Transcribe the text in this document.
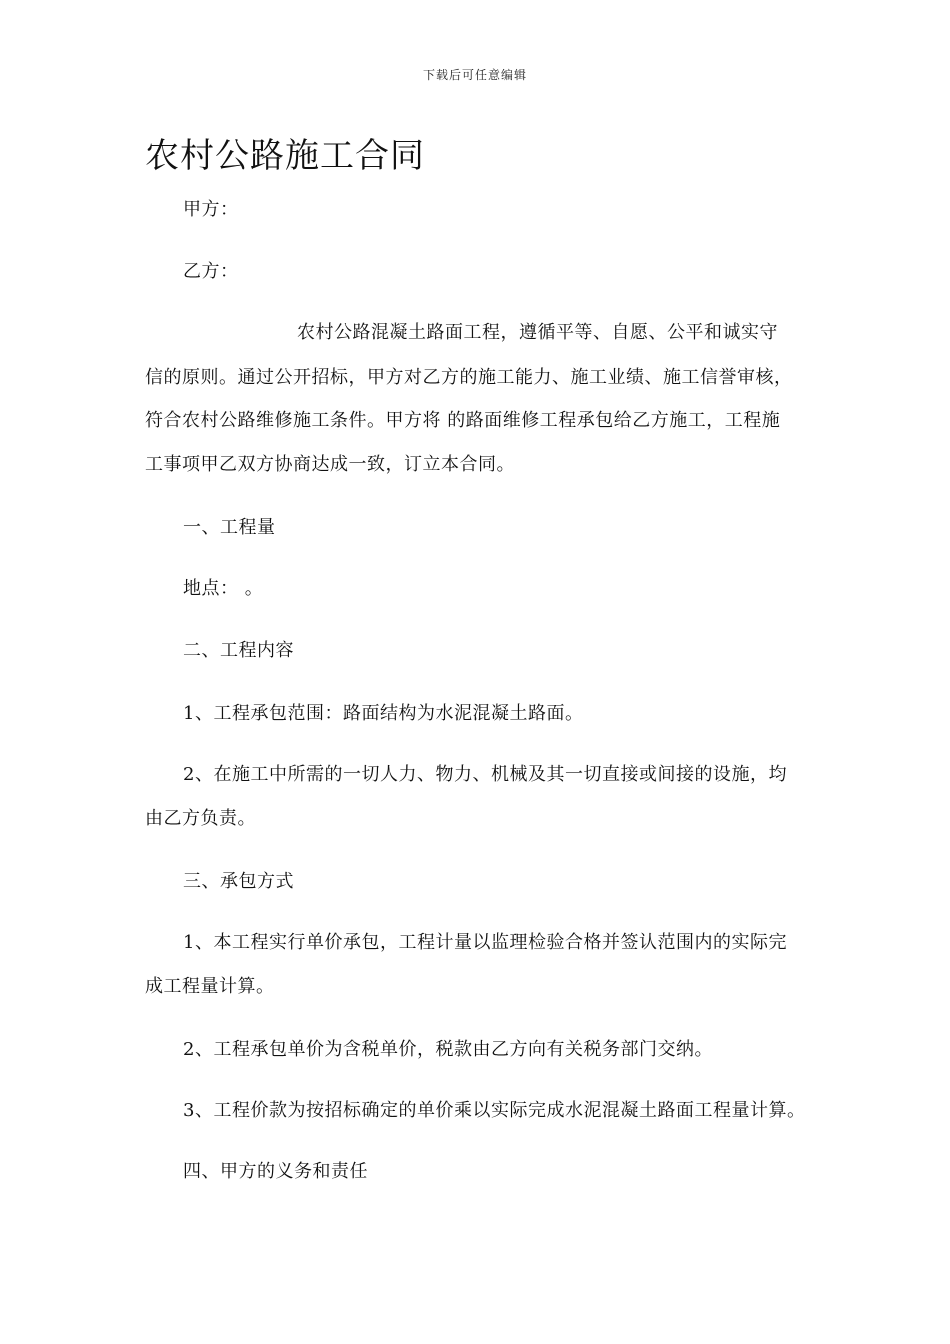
下载后可任意编辑
农村公路施工合同
甲方：
乙方：
农村公路混凝土路面工程，遵循平等、自愿、公平和诚实守
信的原则。通过公开招标，甲方对乙方的施工能力、施工业绩、施工信誉审核，
符合农村公路维修施工条件。甲方将 的路面维修工程承包给乙方施工，工程施
工事项甲乙双方协商达成一致，订立本合同。
一、工程量
地点： 。
二、工程内容
1、工程承包范围：路面结构为水泥混凝土路面。
2、在施工中所需的一切人力、物力、机械及其一切直接或间接的设施，均
由乙方负责。
三、承包方式
1、本工程实行单价承包，工程计量以监理检验合格并签认范围内的实际完
成工程量计算。
2、工程承包单价为含税单价，税款由乙方向有关税务部门交纳。
3、工程价款为按招标确定的单价乘以实际完成水泥混凝土路面工程量计算。
四、甲方的义务和责任
